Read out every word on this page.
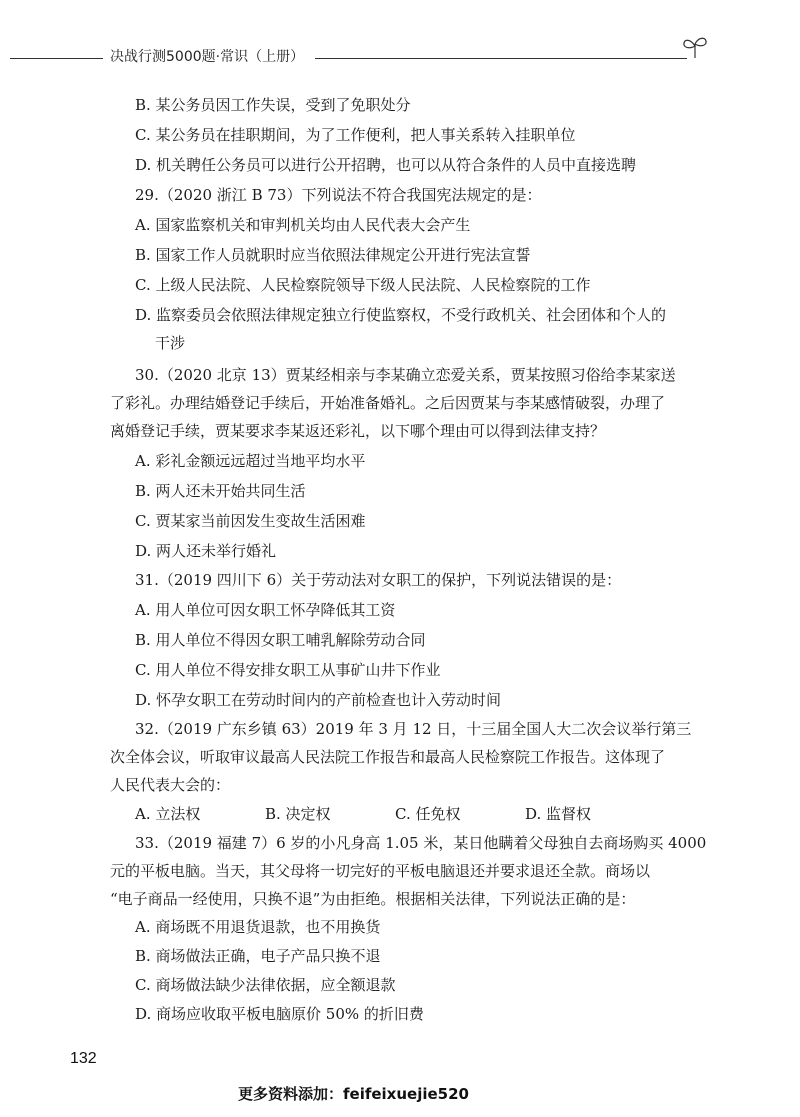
决战行测5000题·常识（上册）
B. 某公务员因工作失误，受到了免职处分
C. 某公务员在挂职期间，为了工作便利，把人事关系转入挂职单位
D. 机关聘任公务员可以进行公开招聘，也可以从符合条件的人员中直接选聘
29.（2020 浙江 B 73）下列说法不符合我国宪法规定的是：
A. 国家监察机关和审判机关均由人民代表大会产生
B. 国家工作人员就职时应当依照法律规定公开进行宪法宣誓
C. 上级人民法院、人民检察院领导下级人民法院、人民检察院的工作
D. 监察委员会依照法律规定独立行使监察权，不受行政机关、社会团体和个人的
干涉
30.（2020 北京 13）贾某经相亲与李某确立恋爱关系，贾某按照习俗给李某家送
了彩礼。办理结婚登记手续后，开始准备婚礼。之后因贾某与李某感情破裂，办理了
离婚登记手续，贾某要求李某返还彩礼，以下哪个理由可以得到法律支持？
A. 彩礼金额远远超过当地平均水平
B. 两人还未开始共同生活
C. 贾某家当前因发生变故生活困难
D. 两人还未举行婚礼
31.（2019 四川下 6）关于劳动法对女职工的保护，下列说法错误的是：
A. 用人单位可因女职工怀孕降低其工资
B. 用人单位不得因女职工哺乳解除劳动合同
C. 用人单位不得安排女职工从事矿山井下作业
D. 怀孕女职工在劳动时间内的产前检查也计入劳动时间
32.（2019 广东乡镇 63）2019 年 3 月 12 日，十三届全国人大二次会议举行第三
次全体会议，听取审议最高人民法院工作报告和最高人民检察院工作报告。这体现了
人民代表大会的：
A. 立法权	B. 决定权	C. 任免权	D. 监督权
33.（2019 福建 7）6 岁的小凡身高 1.05 米，某日他瞒着父母独自去商场购买 4000
元的平板电脑。当天，其父母将一切完好的平板电脑退还并要求退还全款。商场以
“电子商品一经使用，只换不退”为由拒绝。根据相关法律，下列说法正确的是：
A. 商场既不用退货退款，也不用换货
B. 商场做法正确，电子产品只换不退
C. 商场做法缺少法律依据，应全额退款
D. 商场应收取平板电脑原价 50% 的折旧费
132
更多资料添加：feifeixuejie520
